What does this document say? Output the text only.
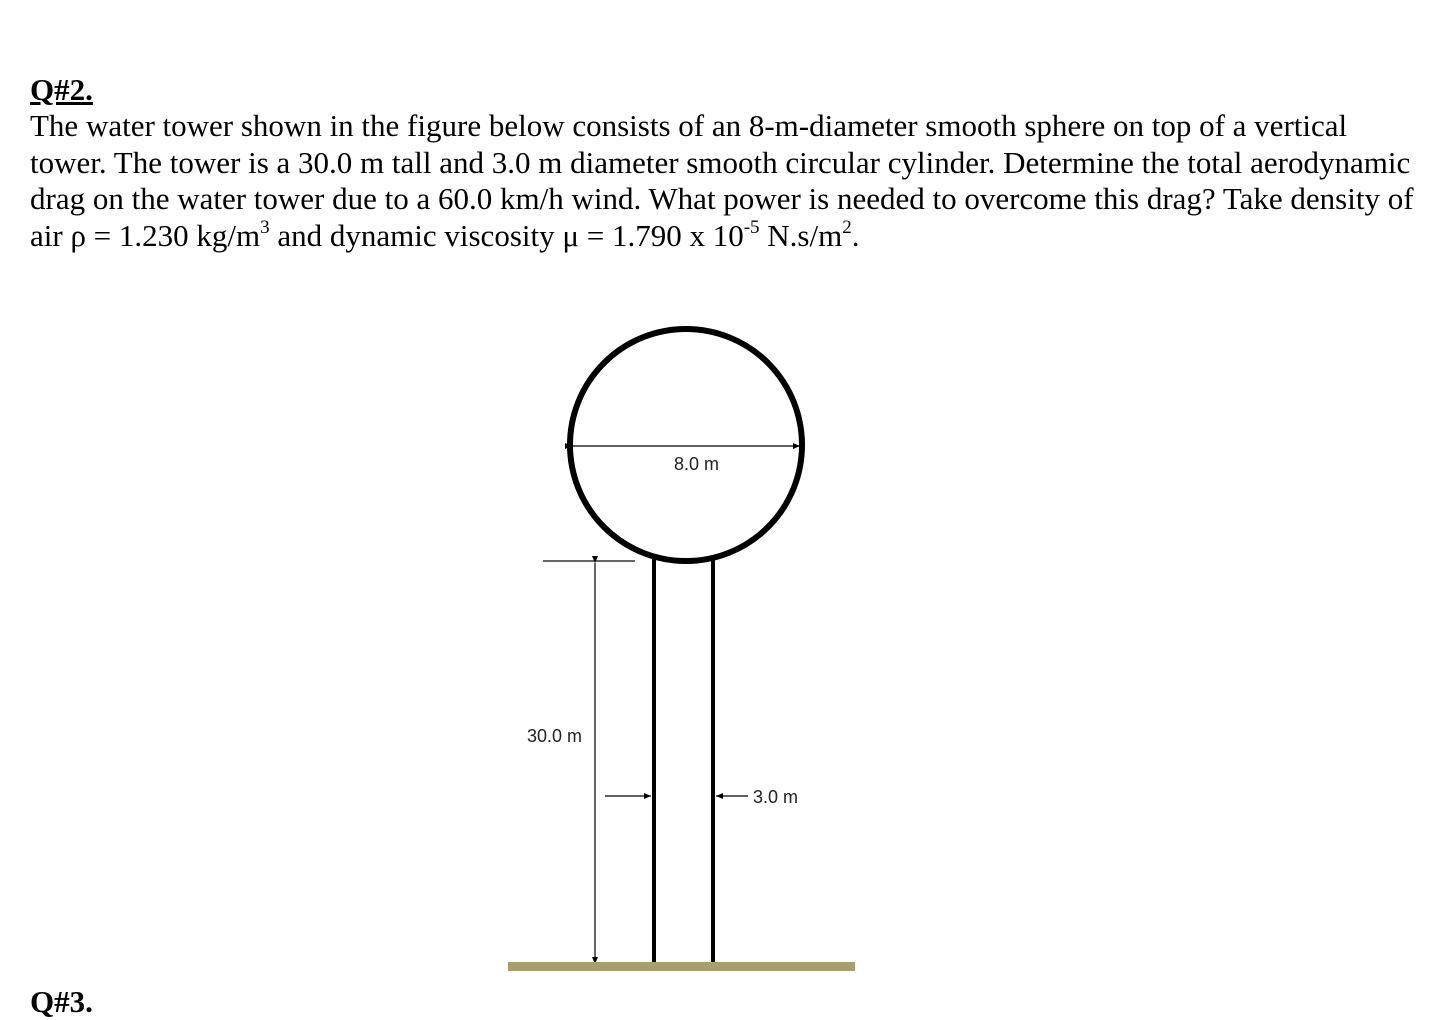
Q#2.

The water tower shown in the figure below consists of an 8-m-diameter smooth sphere on top of a vertical tower. The tower is a 30.0 m tall and 3.0 m diameter smooth circular cylinder. Determine the total aerodynamic drag on the water tower due to a 60.0 km/h wind. What power is needed to overcome this drag? Take density of air ρ = 1.230 $kg/m^3$ and dynamic viscosity μ = 1.790 x $10^{-5}$ $N.s/m^2$.

8.0 m
30.0 m
3.0 m
Q#3.
